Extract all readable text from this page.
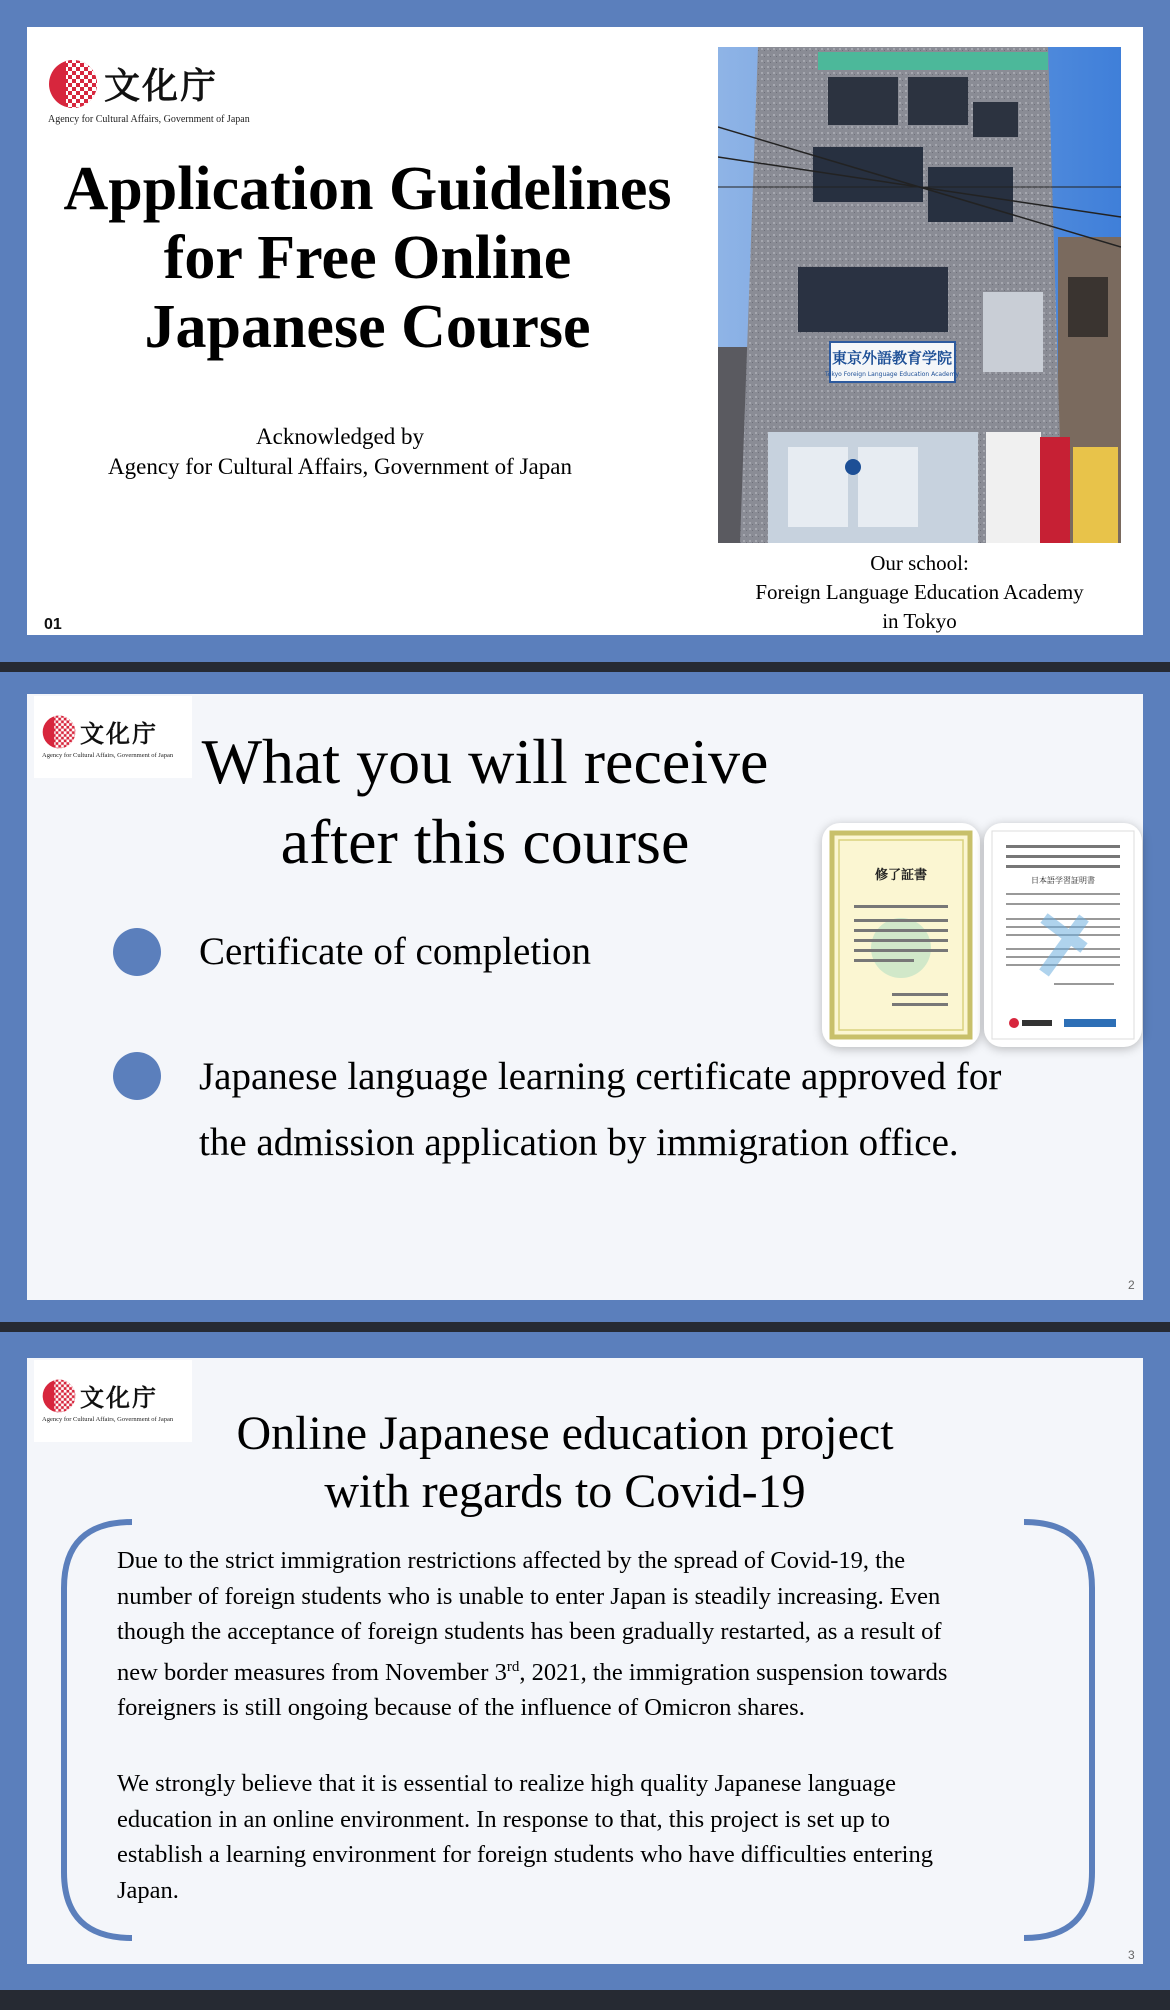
文化庁
Agency for Cultural Affairs, Government of Japan
Application Guidelines
for Free Online
Japanese Course
Acknowledged by
Agency for Cultural Affairs, Government of Japan
01
東京外語教育学院
Tokyo Foreign Language Education Academy
Our school:
Foreign Language Education Academy
in Tokyo
文化庁
Agency for Cultural Affairs, Government of Japan What you will receive
after this course
Certificate of completion
Japanese language learning certificate approved for
the admission application by immigration office.
修了証書	日本語学習証明書
2
文化庁
Agency for Cultural Affairs, Government of Japan	Online Japanese education project
with regards to Covid-19
Due to the strict immigration restrictions affected by the spread of Covid-19, the
number of foreign students who is unable to enter Japan is steadily increasing. Even
though the acceptance of foreign students has been gradually restarted, as a result of
new border measures from November 3rd, 2021, the immigration suspension towards
foreigners is still ongoing because of the influence of Omicron shares.
We strongly believe that it is essential to realize high quality Japanese language
education in an online environment. In response to that, this project is set up to
establish a learning environment for foreign students who have difficulties entering
Japan.
3
